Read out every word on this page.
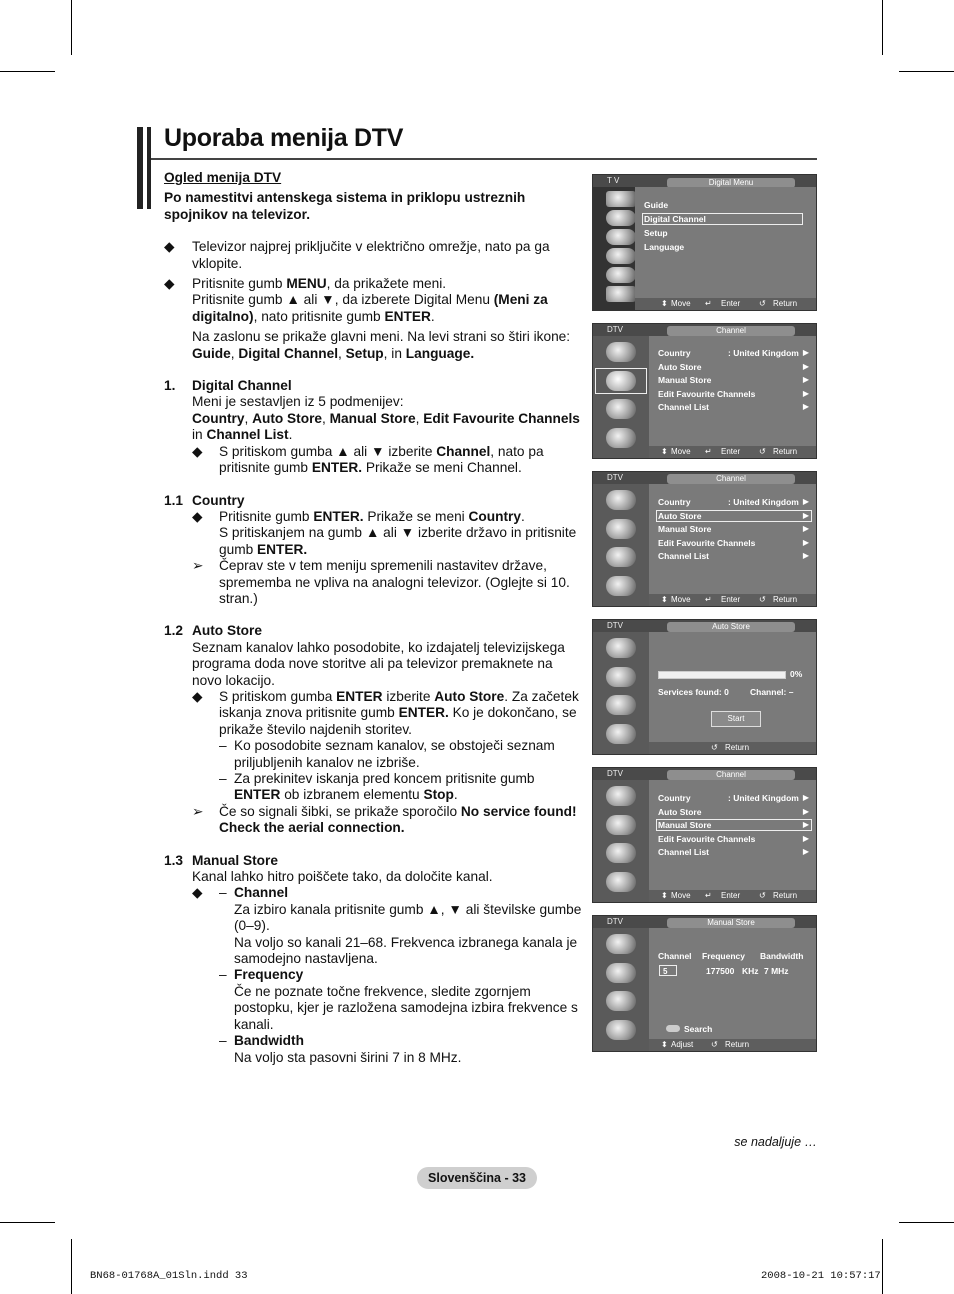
Uporaba menija DTV

Ogled menija DTV

Po namestitvi antenskega sistema in priklopu ustreznih spojnikov na televizor.

◆ Televizor najprej priključite v električno omrežje, nato pa ga vklopite.
◆ Pritisnite gumb MENU, da prikažete meni.
Pritisnite gumb ▲ ali ▼, da izberete Digital Menu (Meni za digitalno), nato pritisnite gumb ENTER.
Na zaslonu se prikaže glavni meni. Na levi strani so štiri ikone: Guide, Digital Channel, Setup, in Language.
1. Digital Channel
Meni je sestavljen iz 5 podmenijev:
Country, Auto Store, Manual Store, Edit Favourite Channels in Channel List.
◆ S pritiskom gumba ▲ ali ▼ izberite Channel, nato pa pritisnite gumb ENTER. Prikaže se meni Channel.
1.1 Country
◆ Pritisnite gumb ENTER. Prikaže se meni Country.
S pritiskanjem na gumb ▲ ali ▼ izberite državo in pritisnite gumb ENTER.
➢ Čeprav ste v tem meniju spremenili nastavitev države, sprememba ne vpliva na analogni televizor. (Oglejte si 10. stran.)
1.2 Auto Store
Seznam kanalov lahko posodobite, ko izdajatelj televizijskega programa doda nove storitve ali pa televizor premaknete na novo lokacijo.
◆ S pritiskom gumba ENTER izberite Auto Store. Za začetek iskanja znova pritisnite gumb ENTER. Ko je dokončano, se prikaže število najdenih storitev.
– Ko posodobite seznam kanalov, se obstoječi seznam priljubljenih kanalov ne izbriše.
– Za prekinitev iskanja pred koncem pritisnite gumb ENTER ob izbranem elementu Stop.
➢ Če so signali šibki, se prikaže sporočilo No service found! Check the aerial connection.
1.3 Manual Store
Kanal lahko hitro poiščete tako, da določite kanal.
◆ – Channel
Za izbiro kanala pritisnite gumb ▲, ▼ ali številske gumbe (0–9).
Na voljo so kanali 21–68. Frekvenca izbranega kanala je samodejno nastavljena.
– Frequency
Če ne poznate točne frekvence, sledite zgornjem postopku, kjer je razložena samodejna izbira frekvence s kanali.
– Bandwidth
Na voljo sta pasovni širini 7 in 8 MHz.
T V	Digital Menu
Guide
Digital Channel
Setup
Language
⬍ Move ↵ Enter ↺ Return
DTV	Channel
Country	: United Kingdom ▶
Auto Store	▶
Manual Store	▶
Edit Favourite Channels	▶
Channel List	▶
⬍ Move ↵ Enter ↺ Return
DTV	Channel
Country	: United Kingdom ▶
Auto Store	▶
Manual Store	▶
Edit Favourite Channels	▶
Channel List	▶
⬍ Move ↵ Enter ↺ Return
DTV	Auto Store
0%
Services found: 0 Channel: –
Start
↺ Return
DTV	Channel
Country	: United Kingdom ▶
Auto Store	▶
Manual Store	▶
Edit Favourite Channels	▶
Channel List	▶
⬍ Move ↵ Enter ↺ Return
DTV	Manual Store
Channel Frequency Bandwidth
5	177500 KHz 7 MHz
Search
⬍ Adjust ↺ Return
se nadaljuje …
Slovenščina - 33
BN68-01768A_01Sln.indd 33	2008-10-21 10:57:17
